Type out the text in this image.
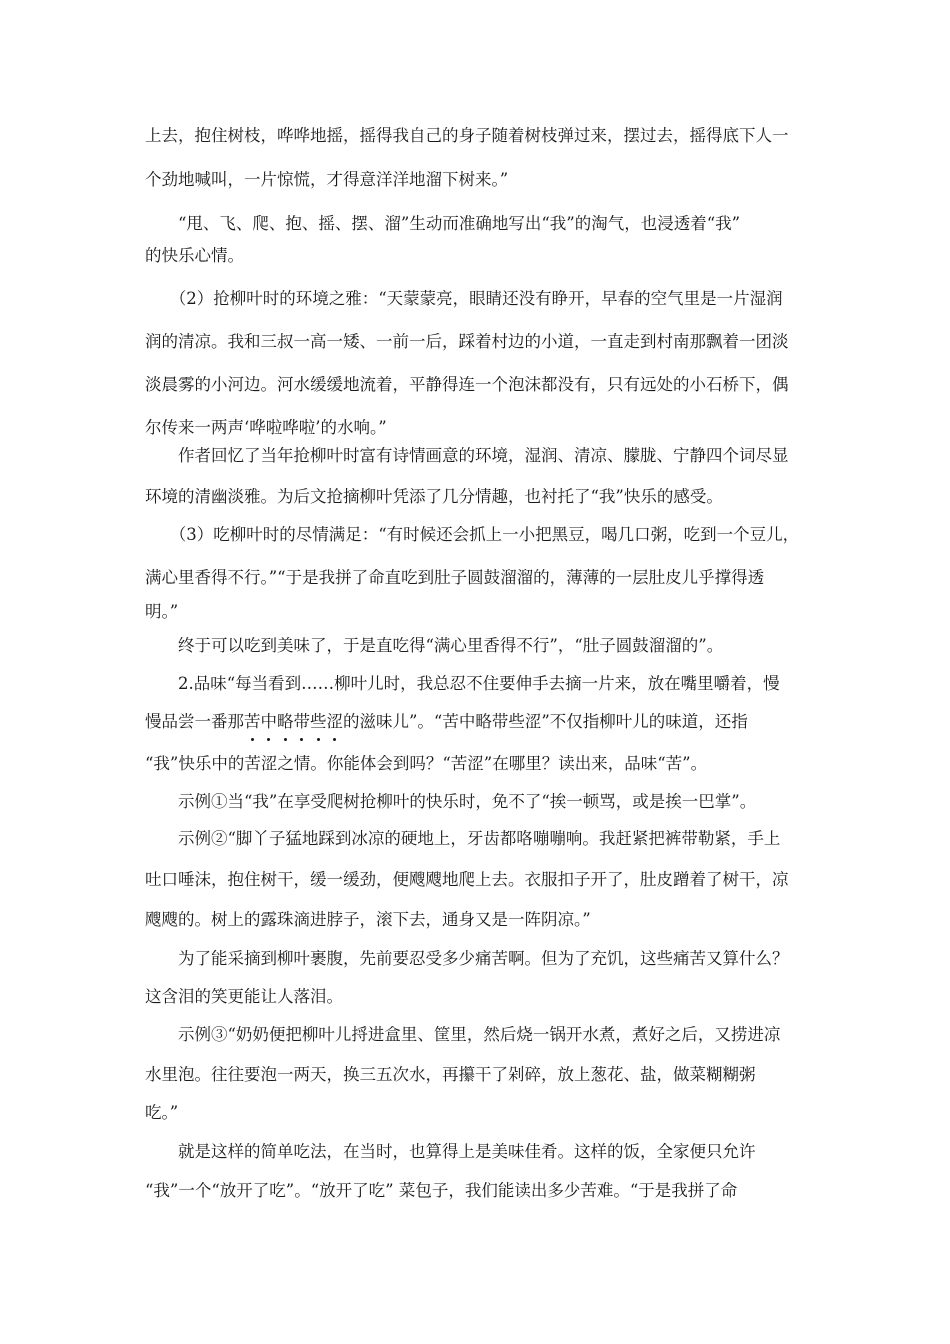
上去，抱住树枝，哗哗地摇，摇得我自己的身子随着树枝弹过来，摆过去，摇得底下人一
个劲地喊叫，一片惊慌，才得意洋洋地溜下树来。”
　　“甩、飞、爬、抱、摇、摆、溜”生动而准确地写出“我”的淘气，也浸透着“我”
的快乐心情。
　　（2）抢柳叶时的环境之雅：“天蒙蒙亮，眼睛还没有睁开，早春的空气里是一片湿润
润的清凉。我和三叔一高一矮、一前一后，踩着村边的小道，一直走到村南那飘着一团淡
淡晨雾的小河边。河水缓缓地流着，平静得连一个泡沫都没有，只有远处的小石桥下，偶
尔传来一两声‘哗啦哗啦’的水响。”
　　作者回忆了当年抢柳叶时富有诗情画意的环境，湿润、清凉、朦胧、宁静四个词尽显
环境的清幽淡雅。为后文抢摘柳叶凭添了几分情趣，也衬托了“我”快乐的感受。
　　（3）吃柳叶时的尽情满足：“有时候还会抓上一小把黑豆，喝几口粥，吃到一个豆儿，
满心里香得不行。”“于是我拼了命直吃到肚子圆鼓溜溜的，薄薄的一层肚皮儿乎撑得透
明。”
　　终于可以吃到美味了，于是直吃得“满心里香得不行”，“肚子圆鼓溜溜的”。
　　2.品味“每当看到……柳叶儿时，我总忍不住要伸手去摘一片来，放在嘴里嚼着，慢
慢品尝一番那苦中略带些涩的滋味儿”。“苦中略带些涩”不仅指柳叶儿的味道，还指
“我”快乐中的苦涩之情。你能体会到吗？“苦涩”在哪里？读出来，品味“苦”。
　　示例①当“我”在享受爬树抢柳叶的快乐时，免不了“挨一顿骂，或是挨一巴掌”。
　　示例②“脚丫子猛地踩到冰凉的硬地上，牙齿都咯嘣嘣响。我赶紧把裤带勒紧，手上
吐口唾沫，抱住树干，缓一缓劲，便飕飕地爬上去。衣服扣子开了，肚皮蹭着了树干，凉
飕飕的。树上的露珠滴进脖子，滚下去，通身又是一阵阴凉。”
　　为了能采摘到柳叶裹腹，先前要忍受多少痛苦啊。但为了充饥，这些痛苦又算什么？
这含泪的笑更能让人落泪。
　　示例③“奶奶便把柳叶儿捋进盒里、筐里，然后烧一锅开水煮，煮好之后，又捞进凉
水里泡。往往要泡一两天，换三五次水，再攥干了剁碎，放上葱花、盐，做菜糊糊粥
吃。”
　　就是这样的简单吃法，在当时，也算得上是美味佳肴。这样的饭，全家便只允许
“我”一个“放开了吃”。“放开了吃” 菜包子，我们能读出多少苦难。“于是我拼了命
